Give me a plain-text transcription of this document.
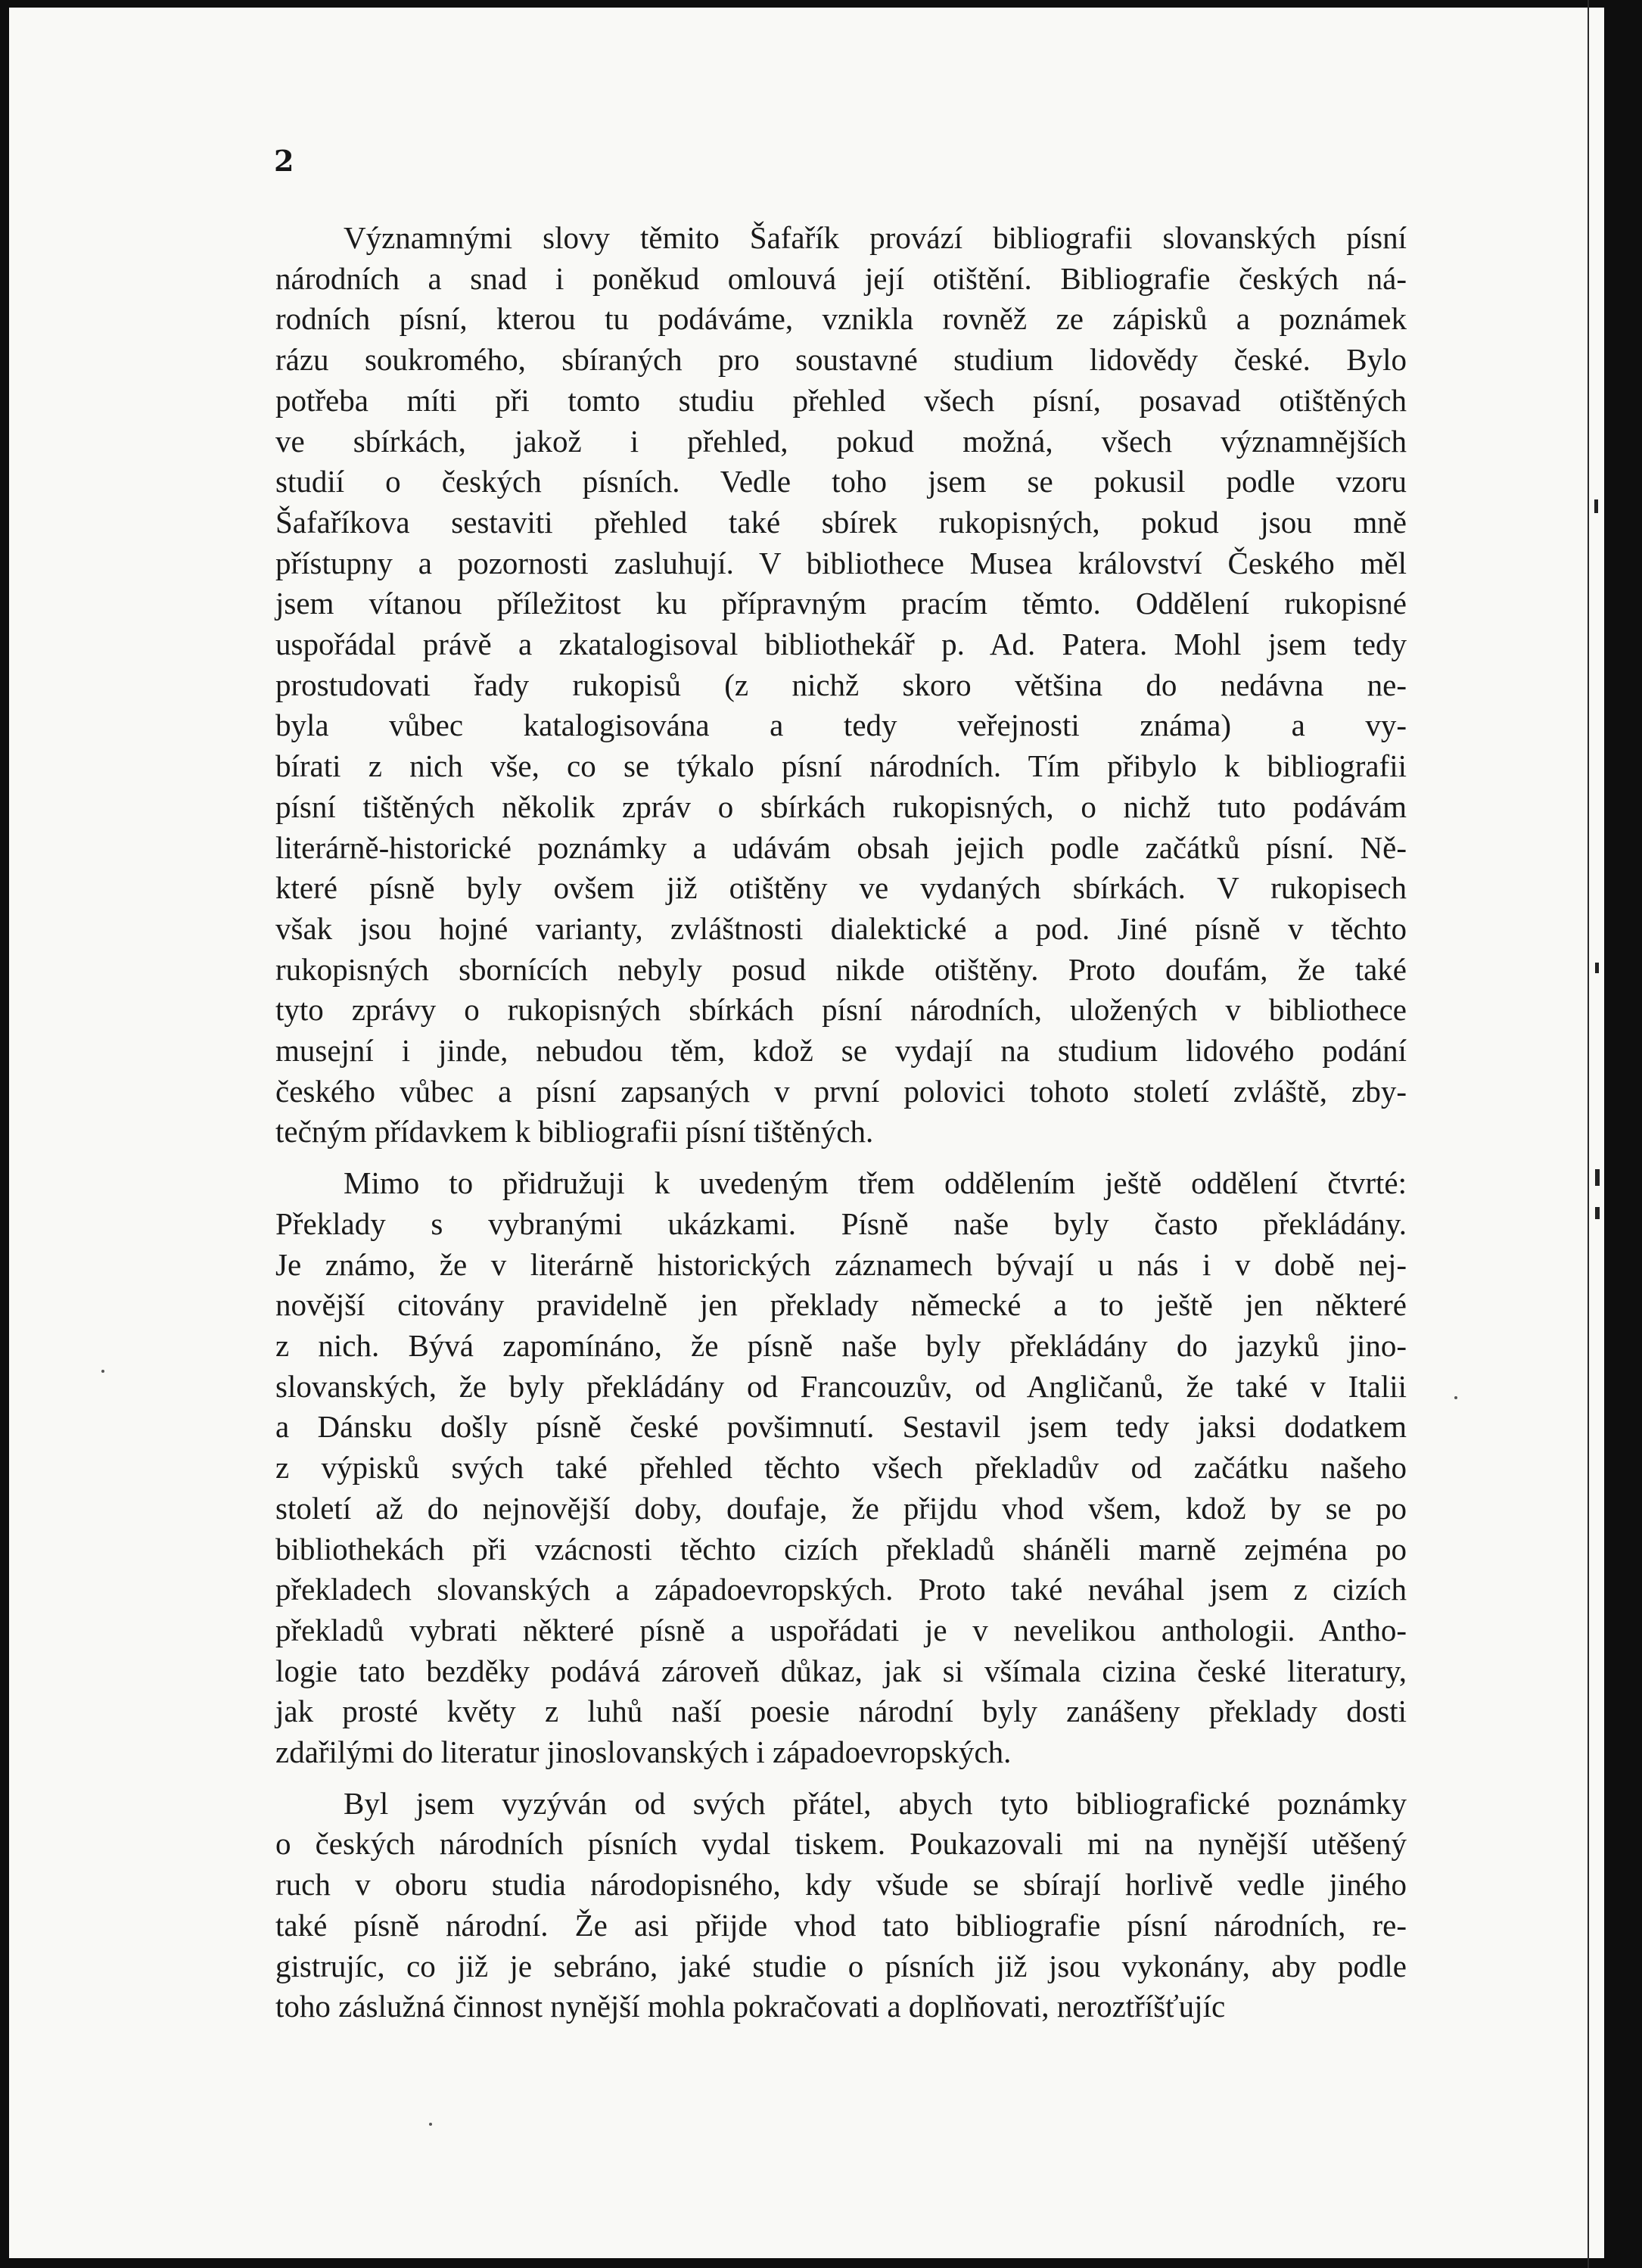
2

Významnými slovy těmito Šafařík provází bibliografii slovanských písní
národních a snad i poněkud omlouvá její otištění. Bibliografie českých ná-
rodních písní, kterou tu podáváme, vznikla rovněž ze zápisků a poznámek
rázu soukromého, sbíraných pro soustavné studium lidovědy české. Bylo
potřeba míti při tomto studiu přehled všech písní, posavad otištěných
ve sbírkách, jakož i přehled, pokud možná, všech významnějších
studií o českých písních. Vedle toho jsem se pokusil podle vzoru
Šafaříkova sestaviti přehled také sbírek rukopisných, pokud jsou mně
přístupny a pozornosti zasluhují. V bibliothece Musea království Českého měl
jsem vítanou příležitost ku přípravným pracím těmto. Oddělení rukopisné
uspořádal právě a zkatalogisoval bibliothekář p. Ad. Patera. Mohl jsem tedy
prostudovati řady rukopisů (z nichž skoro většina do nedávna ne-
byla vůbec katalogisována a tedy veřejnosti známa) a vy-
bírati z nich vše, co se týkalo písní národních. Tím přibylo k bibliografii
písní tištěných několik zpráv o sbírkách rukopisných, o nichž tuto podávám
literárně-historické poznámky a udávám obsah jejich podle začátků písní. Ně-
které písně byly ovšem již otištěny ve vydaných sbírkách. V rukopisech
však jsou hojné varianty, zvláštnosti dialektické a pod. Jiné písně v těchto
rukopisných sbornících nebyly posud nikde otištěny. Proto doufám, že také
tyto zprávy o rukopisných sbírkách písní národních, uložených v bibliothece
musejní i jinde, nebudou těm, kdož se vydají na studium lidového podání
českého vůbec a písní zapsaných v první polovici tohoto století zvláště, zby-
tečným přídavkem k bibliografii písní tištěných.

Mimo to přidružuji k uvedeným třem oddělením ještě oddělení čtvrté:
Překlady s vybranými ukázkami. Písně naše byly často překládány.
Je známo, že v literárně historických záznamech bývají u nás i v době nej-
novější citovány pravidelně jen překlady německé a to ještě jen některé
z nich. Bývá zapomínáno, že písně naše byly překládány do jazyků jino-
slovanských, že byly překládány od Francouzův, od Angličanů, že také v Italii
a Dánsku došly písně české povšimnutí. Sestavil jsem tedy jaksi dodatkem
z výpisků svých také přehled těchto všech překladův od začátku našeho
století až do nejnovější doby, doufaje, že přijdu vhod všem, kdož by se po
bibliothekách při vzácnosti těchto cizích překladů sháněli marně zejména po
překladech slovanských a západoevropských. Proto také neváhal jsem z cizích
překladů vybrati některé písně a uspořádati je v nevelikou anthologii. Antho-
logie tato bezděky podává zároveň důkaz, jak si všímala cizina české literatury,
jak prosté květy z luhů naší poesie národní byly zanášeny překlady dosti
zdařilými do literatur jinoslovanských i západoevropských.

Byl jsem vyzýván od svých přátel, abych tyto bibliografické poznámky
o českých národních písních vydal tiskem. Poukazovali mi na nynější utěšený
ruch v oboru studia národopisného, kdy všude se sbírají horlivě vedle jiného
také písně národní. Že asi přijde vhod tato bibliografie písní národních, re-
gistrujíc, co již je sebráno, jaké studie o písních již jsou vykonány, aby podle
toho záslužná činnost nynější mohla pokračovati a doplňovati, neroztříšťujíc
